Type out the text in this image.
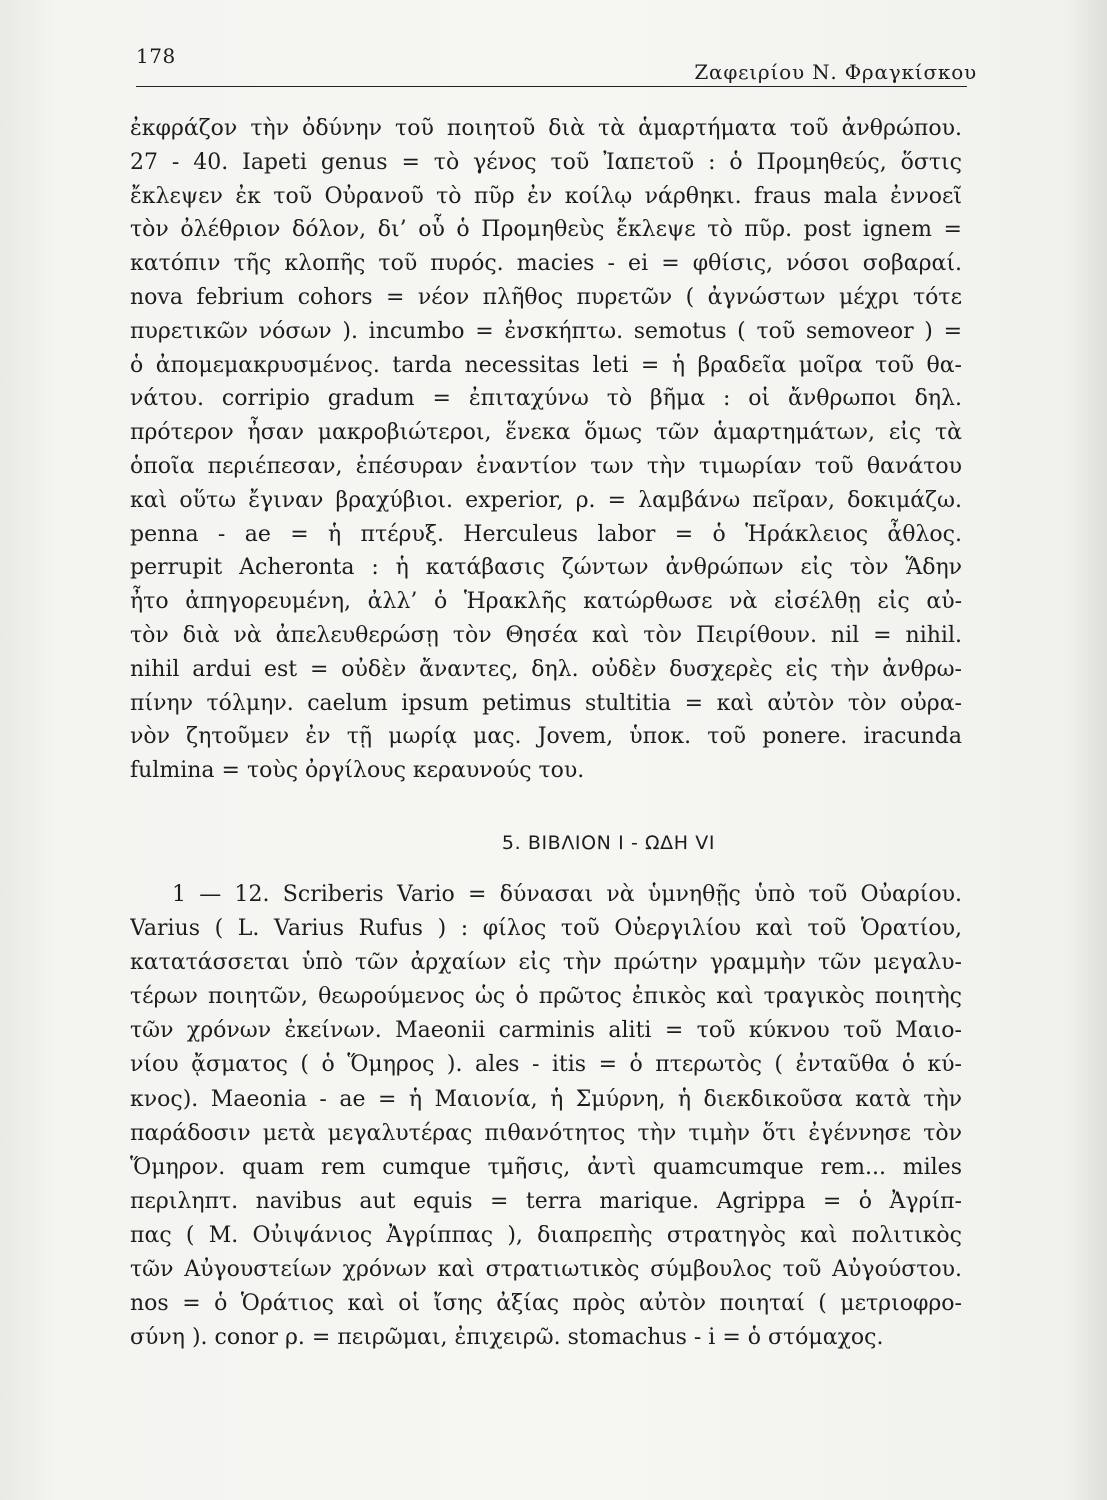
178
Ζαφειρίου Ν. Φραγκίσκου
ἐκφράζον τὴν ὀδύνην τοῦ ποιητοῦ διὰ τὰ ἁμαρτήματα τοῦ ἀνθρώπου.
27 - 40. Iapeti genus = τὸ γένος τοῦ Ἰαπετοῦ : ὁ Προμηθεύς, ὅστις
ἔκλεψεν ἐκ τοῦ Οὐρανοῦ τὸ πῦρ ἐν κοίλῳ νάρθηκι. fraus mala ἐννοεῖ
τὸν ὀλέθριον δόλον, δι’ οὗ ὁ Προμηθεὺς ἔκλεψε τὸ πῦρ. post ignem =
κατόπιν τῆς κλοπῆς τοῦ πυρός. macies - ei = φθίσις, νόσοι σοβαραί.
nova febrium cohors = νέον πλῆθος πυρετῶν ( ἀγνώστων μέχρι τότε
πυρετικῶν νόσων ). incumbo = ἐνσκήπτω. semotus ( τοῦ semoveor ) =
ὁ ἀπομεμακρυσμένος. tarda necessitas leti = ἡ βραδεῖα μοῖρα τοῦ θα-
νάτου. corripio gradum = ἐπιταχύνω τὸ βῆμα : οἱ ἄνθρωποι δηλ.
πρότερον ἦσαν μακροβιώτεροι, ἕνεκα ὅμως τῶν ἁμαρτημάτων, εἰς τὰ
ὁποῖα περιέπεσαν, ἐπέσυραν ἐναντίον των τὴν τιμωρίαν τοῦ θανάτου
καὶ οὕτω ἔγιναν βραχύβιοι. experior, ρ. = λαμβάνω πεῖραν, δοκιμάζω.
penna - ae = ἡ πτέρυξ. Herculeus labor = ὁ Ἡράκλειος ἆθλος.
perrupit Acheronta : ἡ κατάβασις ζώντων ἀνθρώπων εἰς τὸν Ἅδην
ἦτο ἀπηγορευμένη, ἀλλ’ ὁ Ἡρακλῆς κατώρθωσε νὰ εἰσέλθῃ εἰς αὐ-
τὸν διὰ νὰ ἀπελευθερώσῃ τὸν Θησέα καὶ τὸν Πειρίθουν. nil = nihil.
nihil ardui est = οὐδὲν ἄναντες, δηλ. οὐδὲν δυσχερὲς εἰς τὴν ἀνθρω-
πίνην τόλμην. caelum ipsum petimus stultitia = καὶ αὐτὸν τὸν οὐρα-
νὸν ζητοῦμεν ἐν τῇ μωρίᾳ μας. Jovem, ὑποκ. τοῦ ponere. iracunda
fulmina = τοὺς ὀργίλους κεραυνούς του.
5. ΒΙΒΛΙΟΝ Ι - ΩΔΗ VI
1 — 12. Scriberis Vario = δύνασαι νὰ ὑμνηθῇς ὑπὸ τοῦ Οὐαρίου.
Varius ( L. Varius Rufus ) : φίλος τοῦ Οὐεργιλίου καὶ τοῦ Ὁρατίου,
κατατάσσεται ὑπὸ τῶν ἀρχαίων εἰς τὴν πρώτην γραμμὴν τῶν μεγαλυ-
τέρων ποιητῶν, θεωρούμενος ὡς ὁ πρῶτος ἐπικὸς καὶ τραγικὸς ποιητὴς
τῶν χρόνων ἐκείνων. Maeonii carminis aliti = τοῦ κύκνου τοῦ Μαιο-
νίου ᾄσματος ( ὁ Ὅμηρος ). ales - itis = ὁ πτερωτὸς ( ἐνταῦθα ὁ κύ-
κνος). Maeonia - ae = ἡ Μαιονία, ἡ Σμύρνη, ἡ διεκδικοῦσα κατὰ τὴν
παράδοσιν μετὰ μεγαλυτέρας πιθανότητος τὴν τιμὴν ὅτι ἐγέννησε τὸν
Ὅμηρον. quam rem cumque τμῆσις, ἀντὶ quamcumque rem... miles
περιληπτ. navibus aut equis = terra marique. Agrippa = ὁ Ἀγρίπ-
πας ( Μ. Οὐιψάνιος Ἀγρίππας ), διαπρεπὴς στρατηγὸς καὶ πολιτικὸς
τῶν Αὐγουστείων χρόνων καὶ στρατιωτικὸς σύμβουλος τοῦ Αὐγούστου.
nos = ὁ Ὁράτιος καὶ οἱ ἴσης ἀξίας πρὸς αὐτὸν ποιηταί ( μετριοφρο-
σύνη ). conor ρ. = πειρῶμαι, ἐπιχειρῶ. stomachus - i = ὁ στόμαχος.
